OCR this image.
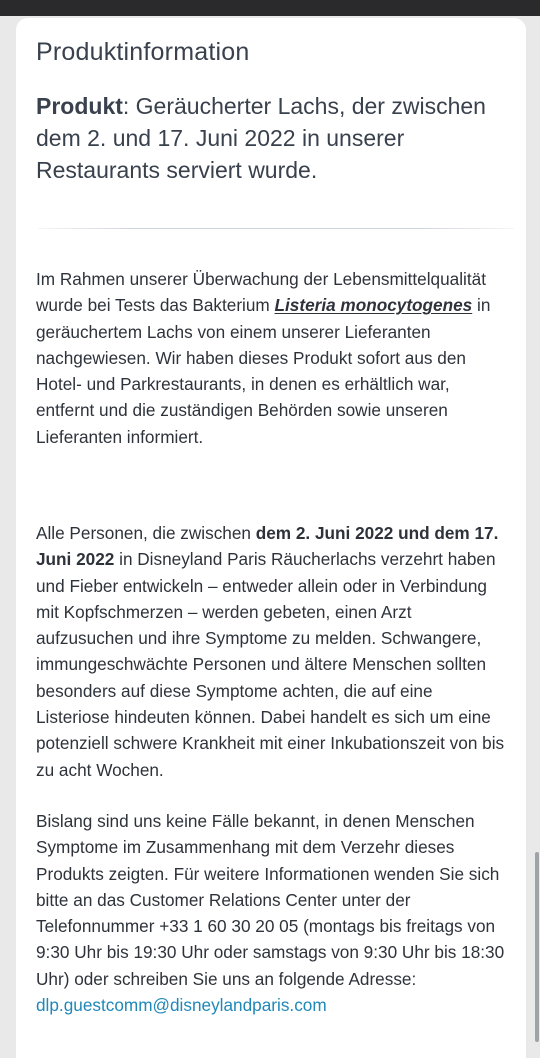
Produktinformation
Produkt: Geräucherter Lachs, der zwischen dem 2. und 17. Juni 2022 in unserer Restaurants serviert wurde.
Im Rahmen unserer Überwachung der Lebensmittelqualität wurde bei Tests das Bakterium Listeria monocytogenes in geräuchertem Lachs von einem unserer Lieferanten nachgewiesen. Wir haben dieses Produkt sofort aus den Hotel- und Parkrestaurants, in denen es erhältlich war, entfernt und die zuständigen Behörden sowie unseren Lieferanten informiert.
Alle Personen, die zwischen dem 2. Juni 2022 und dem 17. Juni 2022 in Disneyland Paris Räucherlachs verzehrt haben und Fieber entwickeln – entweder allein oder in Verbindung mit Kopfschmerzen – werden gebeten, einen Arzt aufzusuchen und ihre Symptome zu melden. Schwangere, immungeschwächte Personen und ältere Menschen sollten besonders auf diese Symptome achten, die auf eine Listeriose hindeuten können. Dabei handelt es sich um eine potenziell schwere Krankheit mit einer Inkubationszeit von bis zu acht Wochen.
Bislang sind uns keine Fälle bekannt, in denen Menschen Symptome im Zusammenhang mit dem Verzehr dieses Produkts zeigten. Für weitere Informationen wenden Sie sich bitte an das Customer Relations Center unter der Telefonnummer +33 1 60 30 20 05 (montags bis freitags von 9:30 Uhr bis 19:30 Uhr oder samstags von 9:30 Uhr bis 18:30 Uhr) oder schreiben Sie uns an folgende Adresse: dlp.guestcomm@disneylandparis.com
